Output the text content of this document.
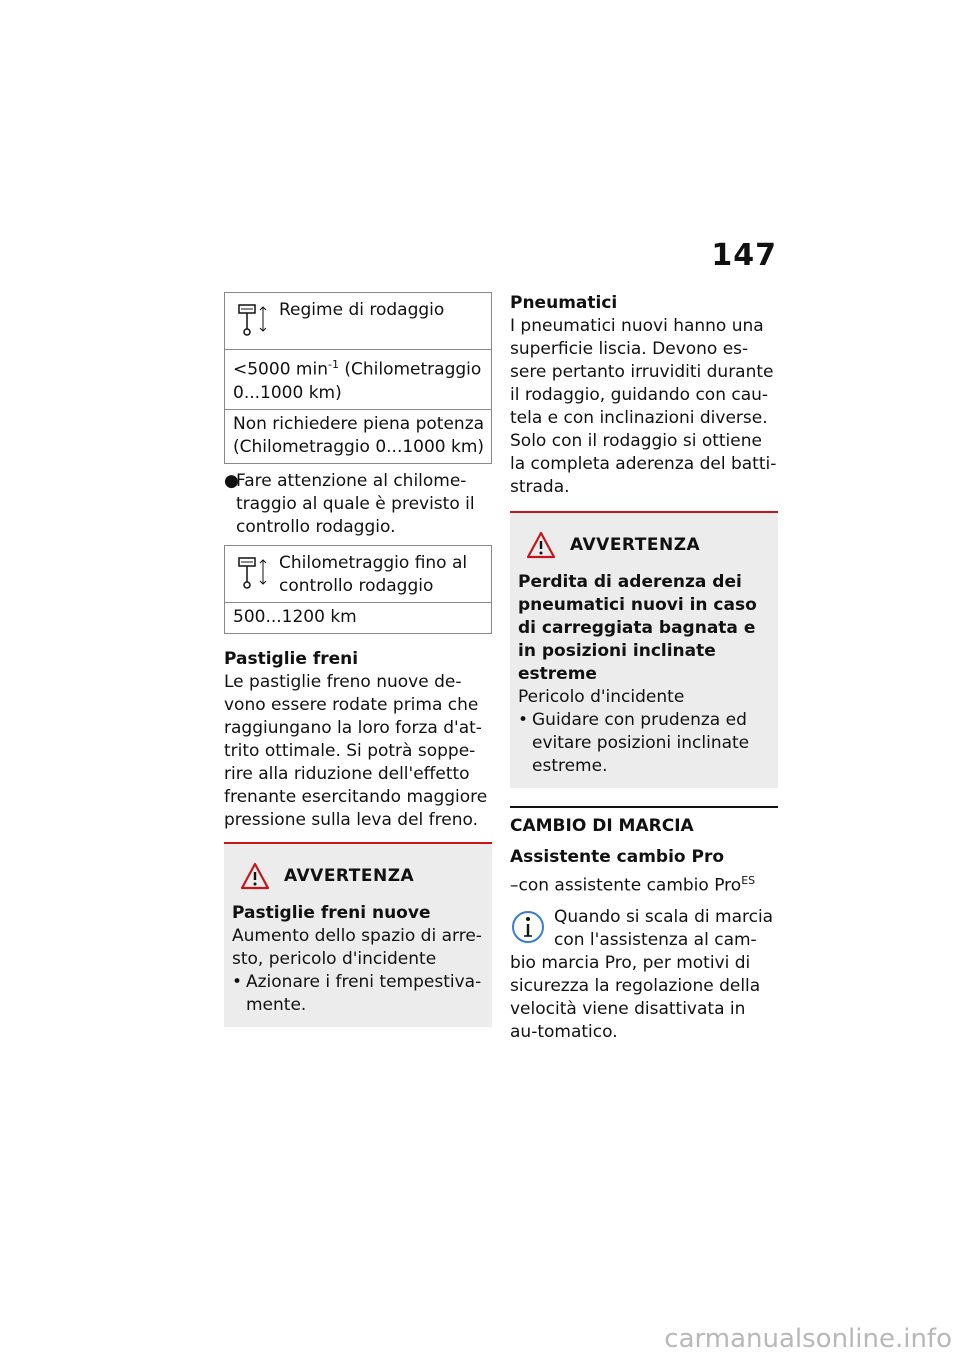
147
Regime di rodaggio
<5000 $\min^{-1}$ (Chilometraggio 0...1000 km)
Non richiedere piena potenza (Chilometraggio 0...1000 km)
●
Fare attenzione al chilome-traggio al quale è previsto il controllo rodaggio.
Chilometraggio fino al controllo rodaggio
500...1200 km
Pastiglie freni
Le pastiglie freno nuove de-vono essere rodate prima che raggiungano la loro forza d'at-trito ottimale. Si potrà soppe-rire alla riduzione dell'effetto frenante esercitando maggiore pressione sulla leva del freno.
AVVERTENZA
Pastiglie freni nuove
Aumento dello spazio di arre-sto, pericolo d'incidente
• Azionare i freni tempestiva-mente.
Pneumatici
I pneumatici nuovi hanno una superficie liscia. Devono es-sere pertanto irruviditi durante il rodaggio, guidando con cau-tela e con inclinazioni diverse. Solo con il rodaggio si ottiene la completa aderenza del batti-strada.
AVVERTENZA
Perdita di aderenza dei pneumatici nuovi in caso di carreggiata bagnata e in posizioni inclinate estreme
Pericolo d'incidente
• Guidare con prudenza ed evitare posizioni inclinate estreme.
CAMBIO DI MARCIA
Assistente cambio Pro
–con assistente cambio Pro$^{ES}$
Quando si scala di marcia con l'assistenza al cam-bio marcia Pro, per motivi di sicurezza la regolazione della velocità viene disattivata in au-tomatico.
carmanualsonline.info
